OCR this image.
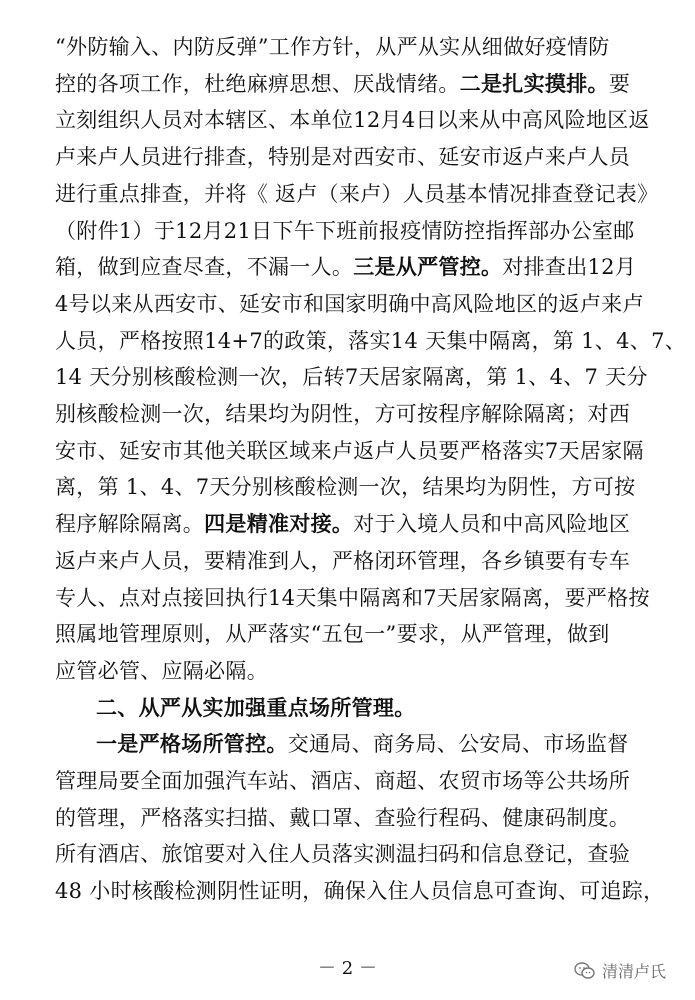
－ 2 －	清清卢氏
“外防输入、内防反弹”工作方针，从严从实从细做好疫情防
控的各项工作，杜绝麻痹思想、厌战情绪。二是扎实摸排。要
立刻组织人员对本辖区、本单位12月4日以来从中高风险地区返
卢来卢人员进行排查，特别是对西安市、延安市返卢来卢人员
进行重点排查，并将《 返卢（来卢）人员基本情况排查登记表》
（附件1）于12月21日下午下班前报疫情防控指挥部办公室邮
箱，做到应查尽查，不漏一人。三是从严管控。对排查出12月
4号以来从西安市、延安市和国家明确中高风险地区的返卢来卢
人员，严格按照14+7的政策，落实14 天集中隔离，第 1、4、7、
14 天分别核酸检测一次，后转7天居家隔离，第 1、4、7 天分
别核酸检测一次，结果均为阴性，方可按程序解除隔离；对西
安市、延安市其他关联区域来卢返卢人员要严格落实7天居家隔
离，第 1、4、7天分别核酸检测一次，结果均为阴性，方可按
程序解除隔离。四是精准对接。对于入境人员和中高风险地区
返卢来卢人员，要精准到人，严格闭环管理，各乡镇要有专车
专人、点对点接回执行14天集中隔离和7天居家隔离，要严格按
照属地管理原则，从严落实“五包一”要求，从严管理，做到
应管必管、应隔必隔。
二、从严从实加强重点场所管理。
一是严格场所管控。交通局、商务局、公安局、市场监督
管理局要全面加强汽车站、酒店、商超、农贸市场等公共场所
的管理，严格落实扫描、戴口罩、查验行程码、健康码制度。
所有酒店、旅馆要对入住人员落实测温扫码和信息登记，查验
48 小时核酸检测阴性证明，确保入住人员信息可查询、可追踪，
